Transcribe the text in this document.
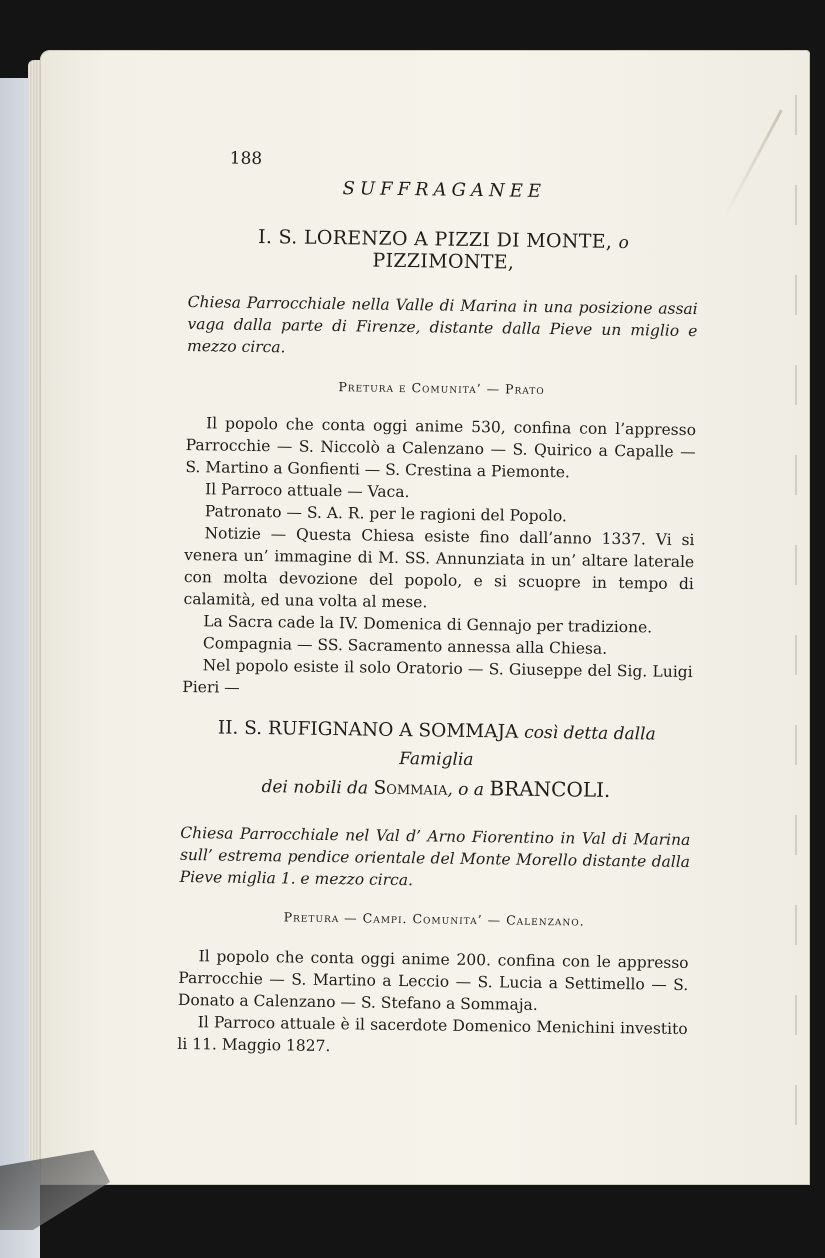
188
SUFFRAGANEE
I. S. LORENZO A PIZZI DI MONTE, o PIZZIMONTE,
Chiesa Parrocchiale nella Valle di Marina in una posizione assai vaga dalla parte di Firenze, distante dalla Pieve un miglio e mezzo circa.
Pretura e Comunita’ — Prato

Il popolo che conta oggi anime 530, confina con l’appresso Parrocchie — S. Niccolò a Calenzano — S. Quirico a Capalle — S. Martino a Gonfienti — S. Crestina a Piemonte.

Il Parroco attuale — Vaca.

Patronato — S. A. R. per le ragioni del Popolo.

Notizie — Questa Chiesa esiste fino dall’anno 1337. Vi si venera un’ immagine di M. SS. Annunziata in un’ altare laterale con molta devozione del popolo, e si scuopre in tempo di calamità, ed una volta al mese.

La Sacra cade la IV. Domenica di Gennajo per tradizione.

Compagnia — SS. Sacramento annessa alla Chiesa.

Nel popolo esiste il solo Oratorio — S. Giuseppe del Sig. Luigi Pieri —

II. S. RUFIGNANO A SOMMAJA così detta dalla Famiglia
dei nobili da Sommaia, o a BRANCOLI.
Chiesa Parrocchiale nel Val d’ Arno Fiorentino in Val di Marina sull’ estrema pendice orientale del Monte Morello distante dalla Pieve miglia 1. e mezzo circa.
Pretura — Campi. Comunita’ — Calenzano.

Il popolo che conta oggi anime 200. confina con le appresso Parrocchie — S. Martino a Leccio — S. Lucia a Settimello — S. Donato a Calenzano — S. Stefano a Sommaja.

Il Parroco attuale è il sacerdote Domenico Menichini investito li 11. Maggio 1827.
